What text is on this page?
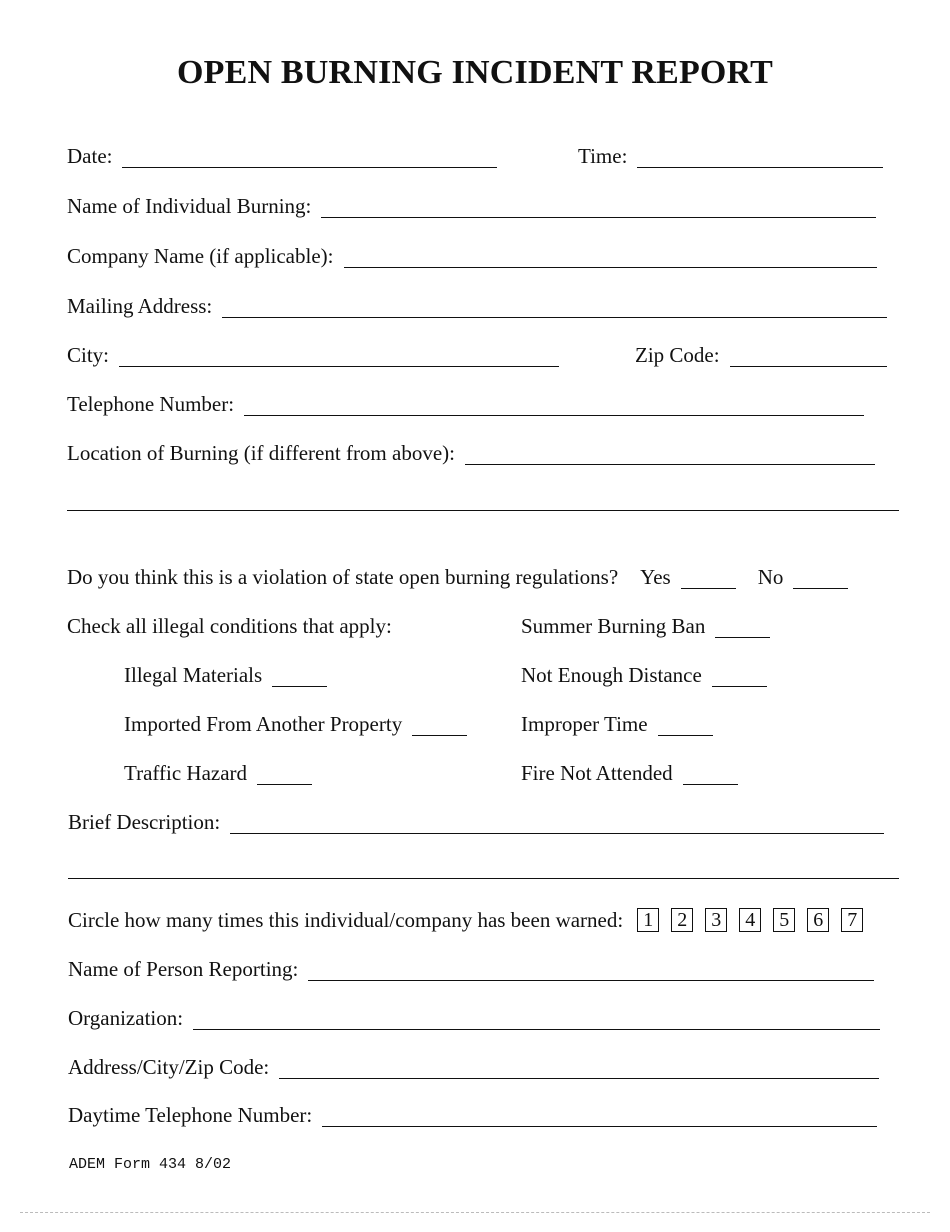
OPEN BURNING INCIDENT REPORT
Date:	Time:
Name of Individual Burning:
Company Name (if applicable):
Mailing Address:
City:	Zip Code:
Telephone Number:
Location of Burning (if different from above):
Do you think this is a violation of state open burning regulations? Yes	No
Check all illegal conditions that apply:	Summer Burning Ban
Illegal Materials	Not Enough Distance
Imported From Another Property	Improper Time
Traffic Hazard	Fire Not Attended
Brief Description:
Circle how many times this individual/company has been warned:	1	2	3	4	5	6	7
Name of Person Reporting:
Organization:
Address/City/Zip Code:
Daytime Telephone Number:
ADEM Form 434 8/02
